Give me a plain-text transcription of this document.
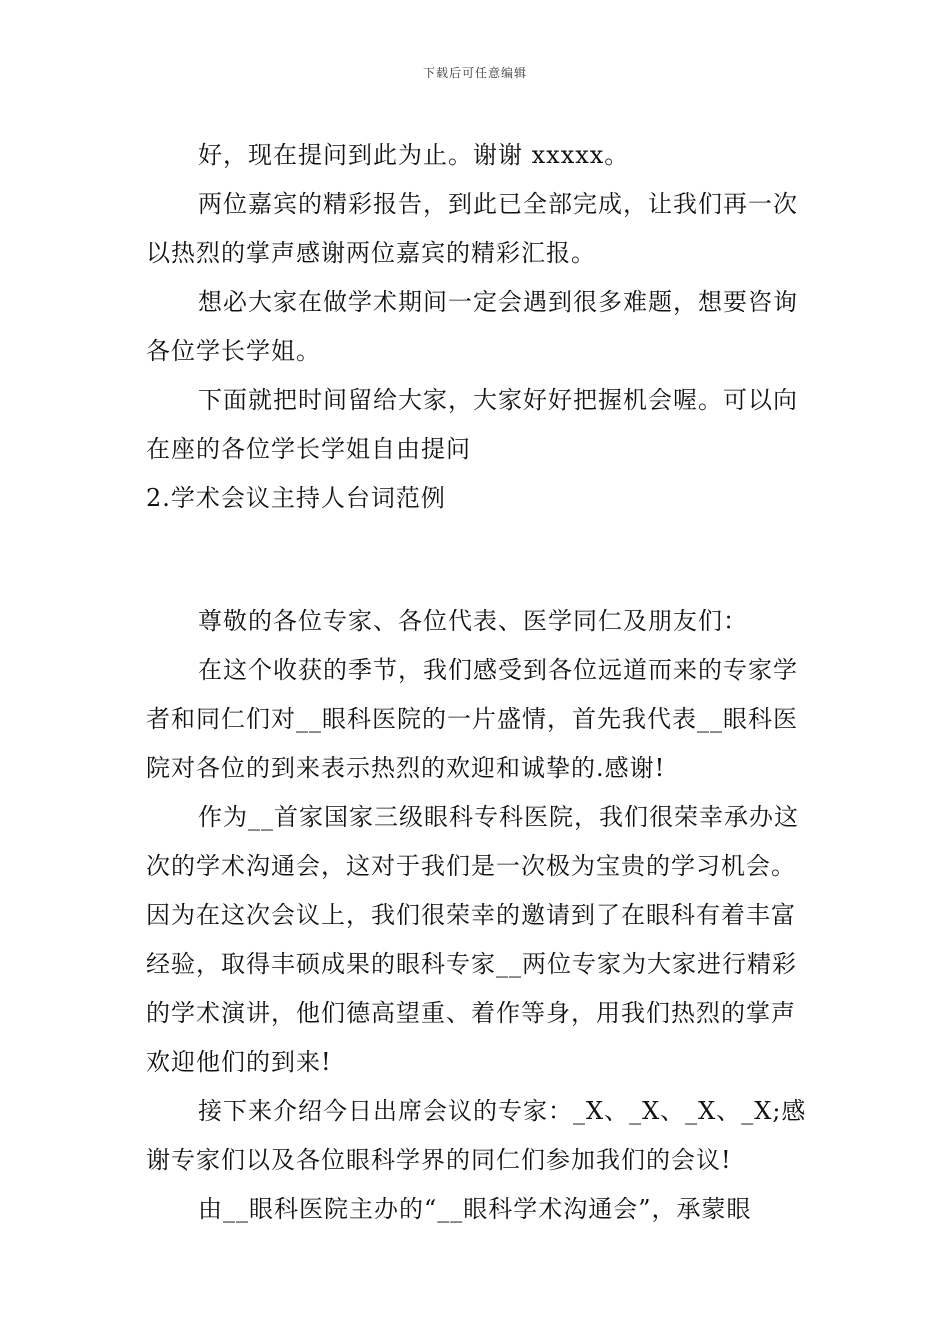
下载后可任意编辑

好，现在提问到此为止。谢谢 xxxxx。

两位嘉宾的精彩报告，到此已全部完成，让我们再一次以热烈的掌声感谢两位嘉宾的精彩汇报。

想必大家在做学术期间一定会遇到很多难题，想要咨询各位学长学姐。

下面就把时间留给大家，大家好好把握机会喔。可以向在座的各位学长学姐自由提问

2.学术会议主持人台词范例

尊敬的各位专家、各位代表、医学同仁及朋友们：

在这个收获的季节，我们感受到各位远道而来的专家学者和同仁们对__眼科医院的一片盛情，首先我代表__眼科医院对各位的到来表示热烈的欢迎和诚挚的.感谢!

作为__首家国家三级眼科专科医院，我们很荣幸承办这次的学术沟通会，这对于我们是一次极为宝贵的学习机会。因为在这次会议上，我们很荣幸的邀请到了在眼科有着丰富经验，取得丰硕成果的眼科专家__两位专家为大家进行精彩的学术演讲，他们德高望重、着作等身，用我们热烈的掌声欢迎他们的到来!

接下来介绍今日出席会议的专家：_X、_X、_X、_X;感谢专家们以及各位眼科学界的同仁们参加我们的会议!

由__眼科医院主办的“__眼科学术沟通会”，承蒙眼
